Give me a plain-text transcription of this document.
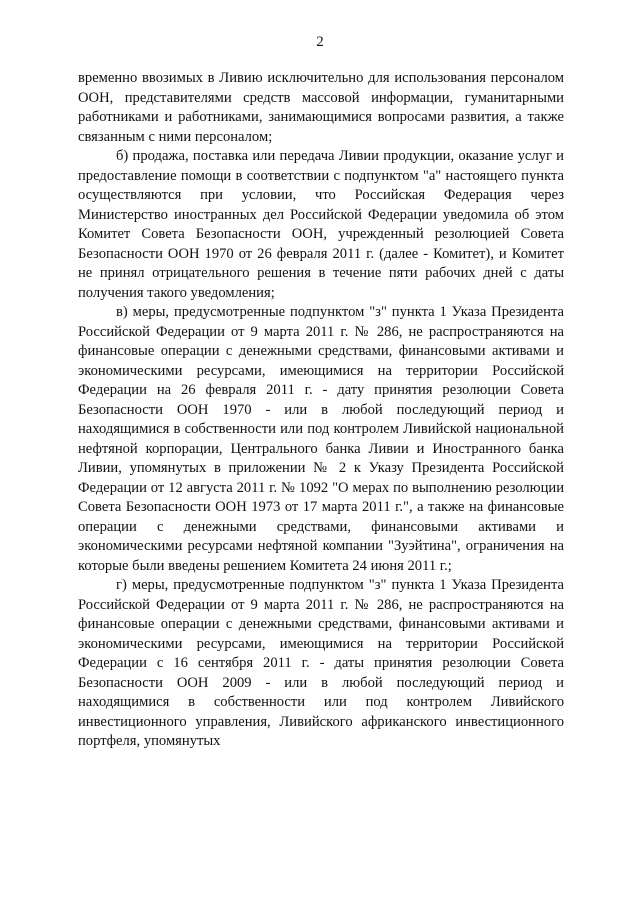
2

временно ввозимых в Ливию исключительно для использования персоналом ООН, представителями средств массовой информации, гуманитарными работниками и работниками, занимающимися вопросами развития, а также связанным с ними персоналом;

б) продажа, поставка или передача Ливии продукции, оказание услуг и предоставление помощи в соответствии с подпунктом "а" настоящего пункта осуществляются при условии, что Российская Федерация через Министерство иностранных дел Российской Федерации уведомила об этом Комитет Совета Безопасности ООН, учрежденный резолюцией Совета Безопасности ООН 1970 от 26 февраля 2011 г. (далее - Комитет), и Комитет не принял отрицательного решения в течение пяти рабочих дней с даты получения такого уведомления;

в) меры, предусмотренные подпунктом "з" пункта 1 Указа Президента Российской Федерации от 9 марта 2011 г. № 286, не распространяются на финансовые операции с денежными средствами, финансовыми активами и экономическими ресурсами, имеющимися на территории Российской Федерации на 26 февраля 2011 г. - дату принятия резолюции Совета Безопасности ООН 1970 - или в любой последующий период и находящимися в собственности или под контролем Ливийской национальной нефтяной корпорации, Центрального банка Ливии и Иностранного банка Ливии, упомянутых в приложении № 2 к Указу Президента Российской Федерации от 12 августа 2011 г. № 1092 "О мерах по выполнению резолюции Совета Безопасности ООН 1973 от 17 марта 2011 г.", а также на финансовые операции с денежными средствами, финансовыми активами и экономическими ресурсами нефтяной компании "Зуэйтина", ограничения на которые были введены решением Комитета 24 июня 2011 г.;

г) меры, предусмотренные подпунктом "з" пункта 1 Указа Президента Российской Федерации от 9 марта 2011 г. № 286, не распространяются на финансовые операции с денежными средствами, финансовыми активами и экономическими ресурсами, имеющимися на территории Российской Федерации с 16 сентября 2011 г. - даты принятия резолюции Совета Безопасности ООН 2009 - или в любой последующий период и находящимися в собственности или под контролем Ливийского инвестиционного управления, Ливийского африканского инвестиционного портфеля, упомянутых
